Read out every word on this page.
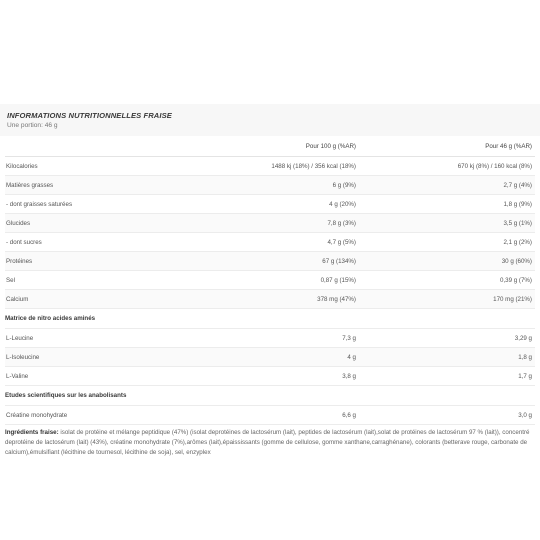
INFORMATIONS NUTRITIONNELLES FRAISE
Une portion: 46 g
	Pour 100 g (%AR)	Pour 46 g (%AR)
Kilocalories	1488 kj (18%) / 356 kcal (18%)	670 kj (8%) / 160 kcal (8%)
Matières grasses	6 g (9%)	2,7 g (4%)
- dont graisses saturées	4 g (20%)	1,8 g (9%)
Glucides	7,8 g (3%)	3,5 g (1%)
- dont sucres	4,7 g (5%)	2,1 g (2%)
Protéines	67 g (134%)	30 g (60%)
Sel	0,87 g (15%)	0,39 g (7%)
Calcium	378 mg (47%)	170 mg (21%)
Matrice de nitro acides aminés		
L-Leucine	7,3 g	3,29 g
L-Isoleucine	4 g	1,8 g
L-Valine	3,8 g	1,7 g
Etudes scientifiques sur les anabolisants		
Créatine monohydrate	6,6 g	3,0 g
Ingrédients fraise: isolat de protéine et mélange peptidique (47%) (isolat deprotéines de lactosérum (lait), peptides de lactosérum (lait),solat de protéines de lactosérum 97 % (lait)), concentré deprotéine de lactosérum (lait) (43%), créatine monohydrate (7%),arômes (lait),épaississants (gomme de cellulose, gomme xanthane,carraghénane), colorants (betterave rouge, carbonate de calcium),émulsifiant (lécithine de tournesol, lécithine de soja), sel, enzyplex
